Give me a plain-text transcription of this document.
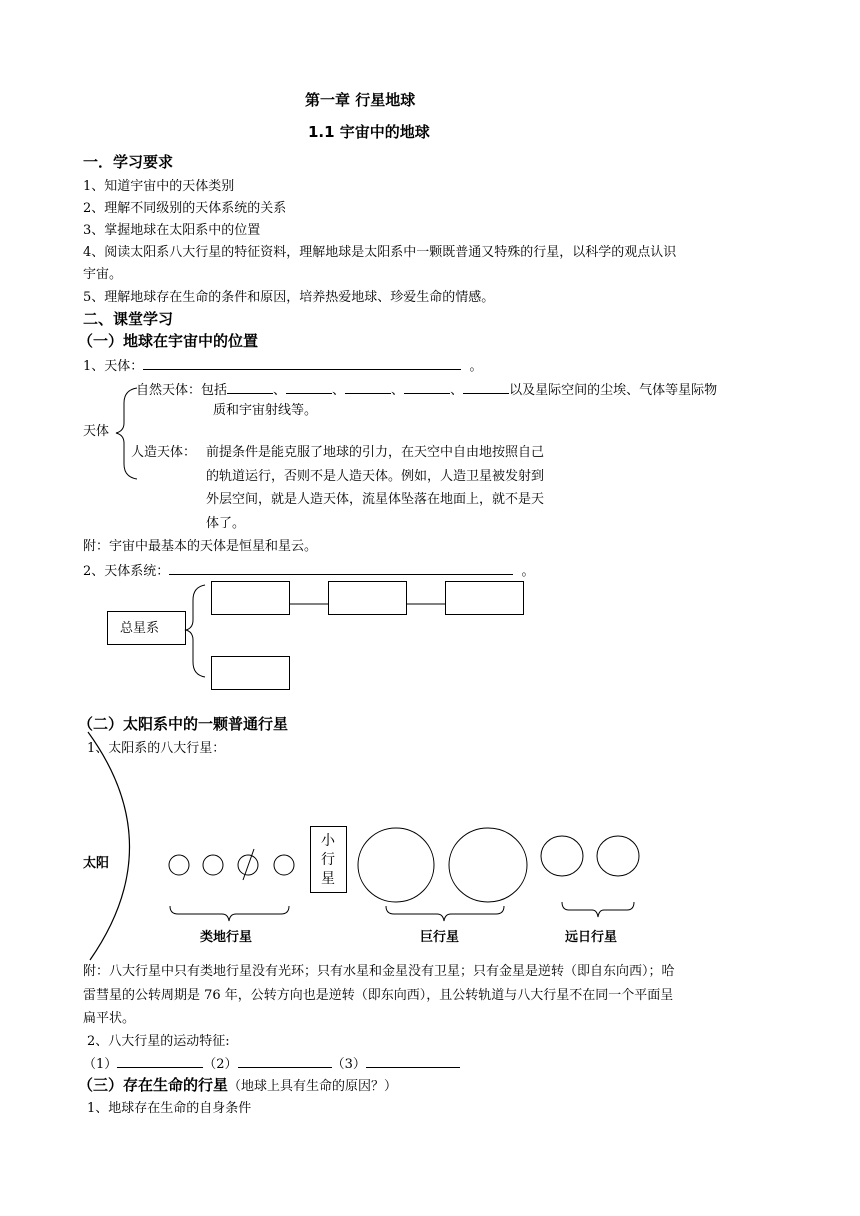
第一章 行星地球
1.1 宇宙中的地球
一．学习要求
1、知道宇宙中的天体类别
2、理解不同级别的天体系统的关系
3、掌握地球在太阳系中的位置
4、阅读太阳系八大行星的特征资料，理解地球是太阳系中一颗既普通又特殊的行星，以科学的观点认识
宇宙。
5、理解地球存在生命的条件和原因，培养热爱地球、珍爱生命的情感。
二、课堂学习
（一）地球在宇宙中的位置
1、天体：	。
自然天体：包括	、	、	、	、	以及星际空间的尘埃、气体等星际物
质和宇宙射线等。
天体
人造天体： 前提条件是能克服了地球的引力，在天空中自由地按照自己
的轨道运行，否则不是人造天体。例如，人造卫星被发射到
外层空间，就是人造天体，流星体坠落在地面上，就不是天
体了。
附：宇宙中最基本的天体是恒星和星云。
2、天体系统：	。
总星系
（二）太阳系中的一颗普通行星
1、太阳系的八大行星：
太阳
小行星
类地行星	巨行星	远日行星
附：八大行星中只有类地行星没有光环；只有水星和金星没有卫星；只有金星是逆转（即自东向西）；哈
雷彗星的公转周期是 76 年，公转方向也是逆转（即东向西），且公转轨道与八大行星不在同一个平面呈
扁平状。
2、八大行星的运动特征:
（1）	（2）	（3）
（三）存在生命的行星（地球上具有生命的原因？）
1、地球存在生命的自身条件
